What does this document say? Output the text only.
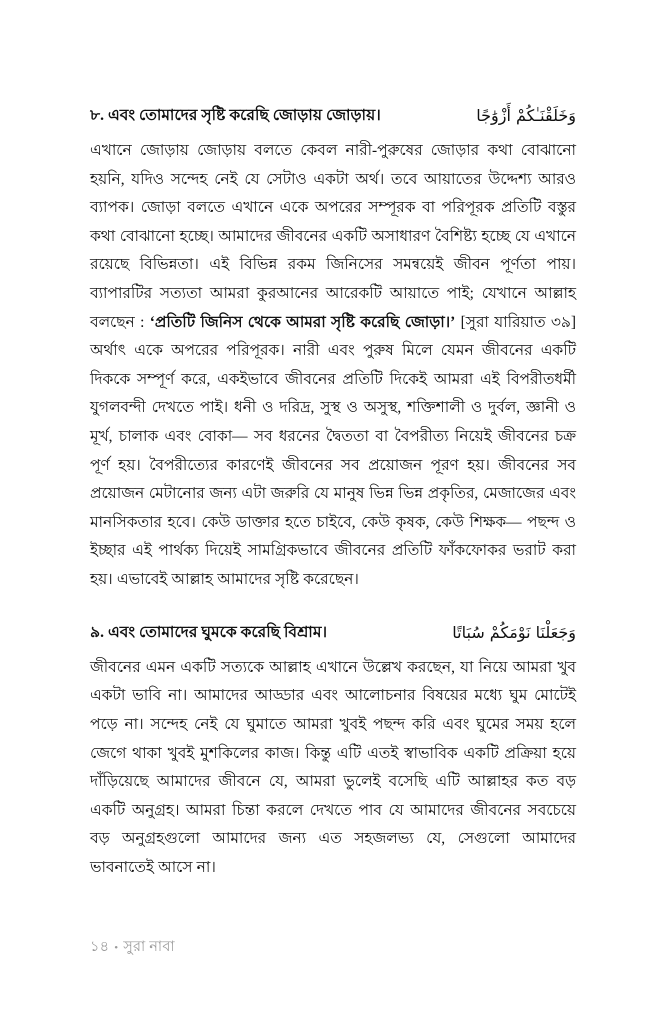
৮. এবং তোমাদের সৃষ্টি করেছি জোড়ায় জোড়ায়।	وَخَلَقْنَـٰكُمْ أَزْوَٰجًا

এখানে জোড়ায় জোড়ায় বলতে কেবল নারী-পুরুষের জোড়ার কথা বোঝানো হয়নি, যদিও সন্দেহ নেই যে সেটাও একটা অর্থ। তবে আয়াতের উদ্দেশ্য আরও ব্যাপক। জোড়া বলতে এখানে একে অপরের সম্পূরক বা পরিপূরক প্রতিটি বস্তুর কথা বোঝানো হচ্ছে। আমাদের জীবনের একটি অসাধারণ বৈশিষ্ট্য হচ্ছে যে এখানে রয়েছে বিভিন্নতা। এই বিভিন্ন রকম জিনিসের সমন্বয়েই জীবন পূর্ণতা পায়। ব্যাপারটির সত্যতা আমরা কুরআনের আরেকটি আয়াতে পাই; যেখানে আল্লাহ বলছেন : ‘প্রতিটি জিনিস থেকে আমরা সৃষ্টি করেছি জোড়া।’ [সুরা যারিয়াত ৩৯] অর্থাৎ একে অপরের পরিপূরক। নারী এবং পুরুষ মিলে যেমন জীবনের একটি দিককে সম্পূর্ণ করে, একইভাবে জীবনের প্রতিটি দিকেই আমরা এই বিপরীতধর্মী যুগলবন্দী দেখতে পাই। ধনী ও দরিদ্র, সুস্থ ও অসুস্থ, শক্তিশালী ও দুর্বল, জ্ঞানী ও মূর্খ, চালাক এবং বোকা— সব ধরনের দ্বৈততা বা বৈপরীত্য নিয়েই জীবনের চক্র পূর্ণ হয়। বৈপরীত্যের কারণেই জীবনের সব প্রয়োজন পূরণ হয়। জীবনের সব প্রয়োজন মেটানোর জন্য এটা জরুরি যে মানুষ ভিন্ন ভিন্ন প্রকৃতির, মেজাজের এবং মানসিকতার হবে। কেউ ডাক্তার হতে চাইবে, কেউ কৃষক, কেউ শিক্ষক— পছন্দ ও ইচ্ছার এই পার্থক্য দিয়েই সামগ্রিকভাবে জীবনের প্রতিটি ফাঁকফোকর ভরাট করা হয়। এভাবেই আল্লাহ আমাদের সৃষ্টি করেছেন।

৯. এবং তোমাদের ঘুমকে করেছি বিশ্রাম।	وَجَعَلْنَا نَوْمَكُمْ سُبَاتًا

জীবনের এমন একটি সত্যকে আল্লাহ এখানে উল্লেখ করছেন, যা নিয়ে আমরা খুব একটা ভাবি না। আমাদের আড্ডার এবং আলোচনার বিষয়ের মধ্যে ঘুম মোটেই পড়ে না। সন্দেহ নেই যে ঘুমাতে আমরা খুবই পছন্দ করি এবং ঘুমের সময় হলে জেগে থাকা খুবই মুশকিলের কাজ। কিন্তু এটি এতই স্বাভাবিক একটি প্রক্রিয়া হয়ে দাঁড়িয়েছে আমাদের জীবনে যে, আমরা ভুলেই বসেছি এটি আল্লাহর কত বড় একটি অনুগ্রহ। আমরা চিন্তা করলে দেখতে পাব যে আমাদের জীবনের সবচেয়ে বড় অনুগ্রহগুলো আমাদের জন্য এত সহজলভ্য যে, সেগুলো আমাদের ভাবনাতেই আসে না।

১৪ • সুরা নাবা
